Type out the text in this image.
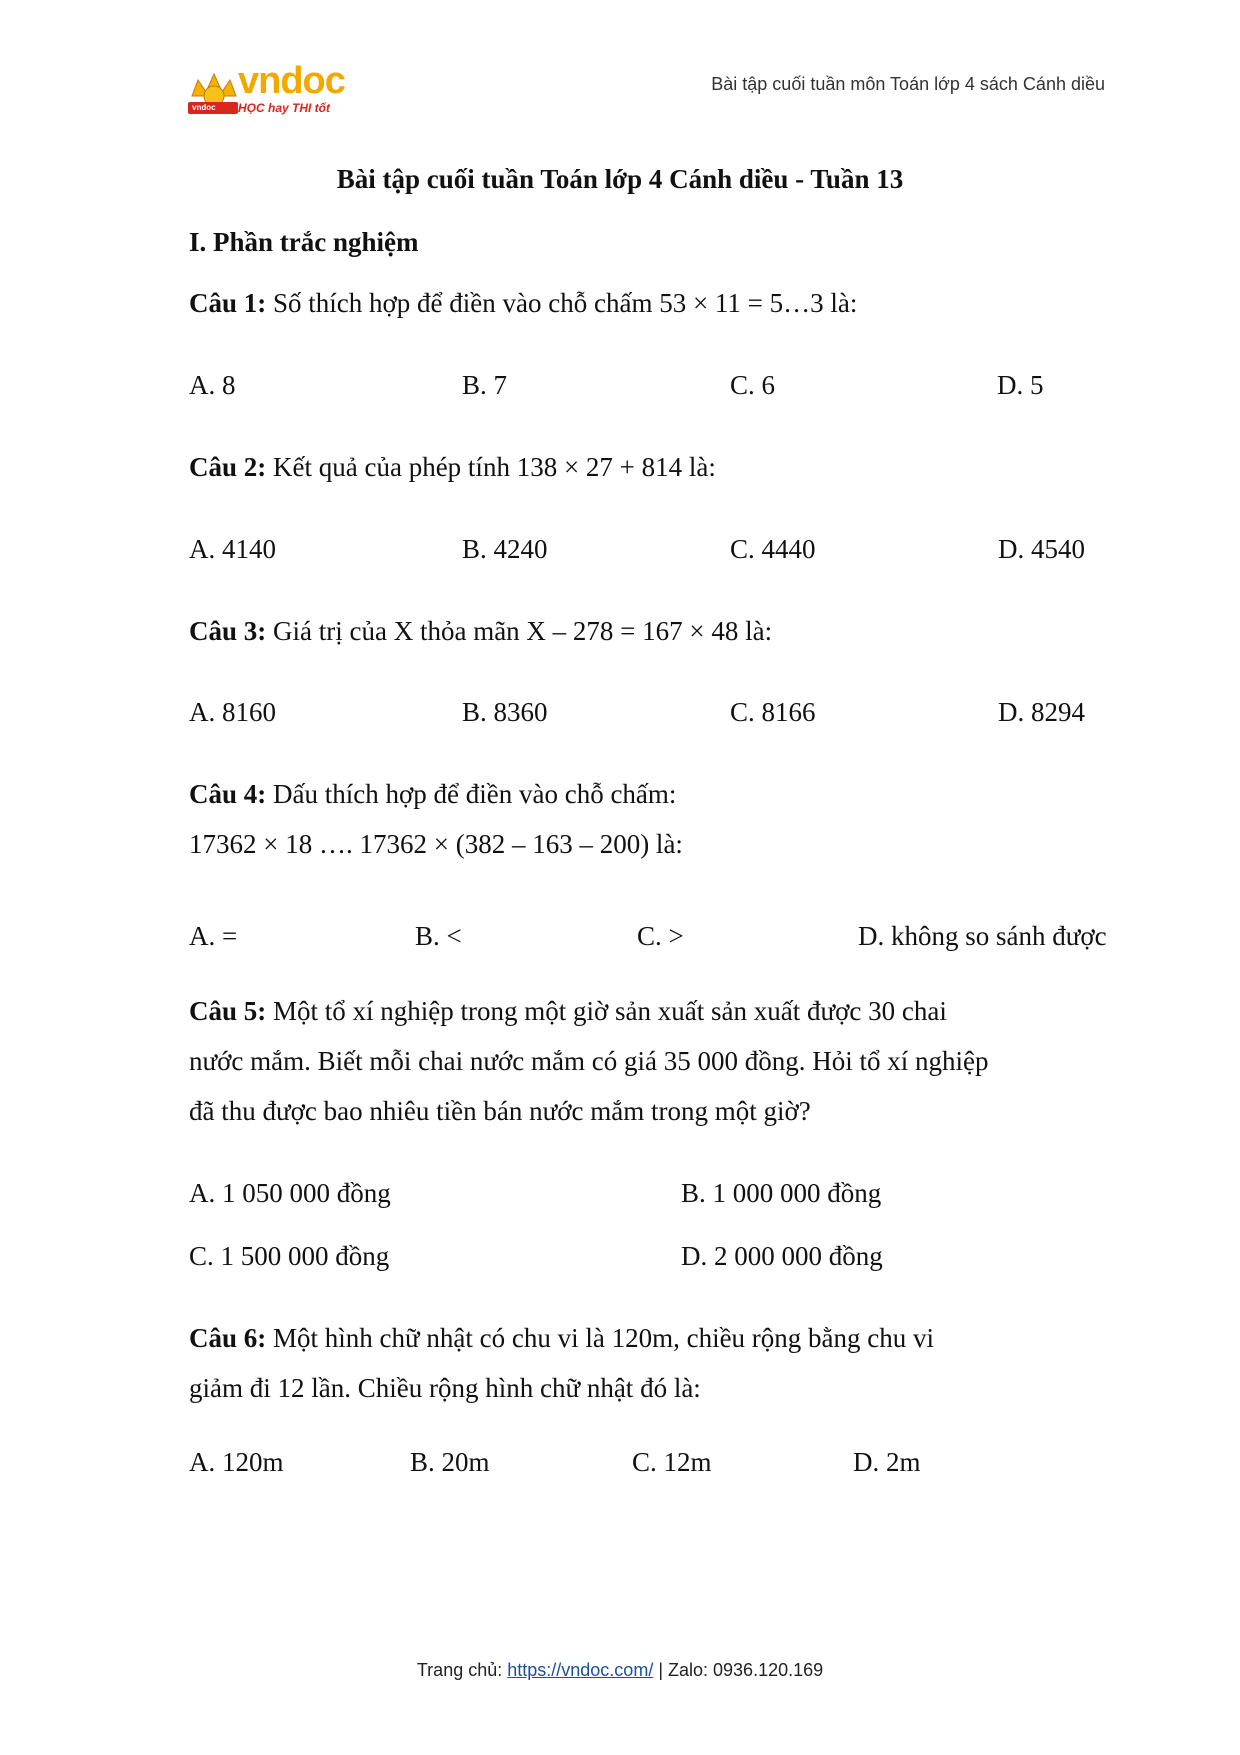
vndoc
vndoc HỌC hay THI tốt
Bài tập cuối tuần môn Toán lớp 4 sách Cánh diều
Bài tập cuối tuần Toán lớp 4 Cánh diều - Tuần 13
I. Phần trắc nghiệm
Câu 1: Số thích hợp để điền vào chỗ chấm 53 × 11 = 5…3 là:
A. 8	B. 7	C. 6	D. 5
Câu 2: Kết quả của phép tính 138 × 27 + 814 là:
A. 4140	B. 4240	C. 4440	D. 4540
Câu 3: Giá trị của X thỏa mãn X – 278 = 167 × 48 là:
A. 8160	B. 8360	C. 8166	D. 8294
Câu 4: Dấu thích hợp để điền vào chỗ chấm:
17362 × 18 …. 17362 × (382 – 163 – 200) là:
A. =	B. <	C. >	D. không so sánh được
Câu 5: Một tổ xí nghiệp trong một giờ sản xuất sản xuất được 30 chai
nước mắm. Biết mỗi chai nước mắm có giá 35 000 đồng. Hỏi tổ xí nghiệp
đã thu được bao nhiêu tiền bán nước mắm trong một giờ?
A. 1 050 000 đồng	B. 1 000 000 đồng
C. 1 500 000 đồng	D. 2 000 000 đồng
Câu 6: Một hình chữ nhật có chu vi là 120m, chiều rộng bằng chu vi
giảm đi 12 lần. Chiều rộng hình chữ nhật đó là:
A. 120m	B. 20m	C. 12m	D. 2m
Trang chủ: https://vndoc.com/ | Zalo: 0936.120.169
